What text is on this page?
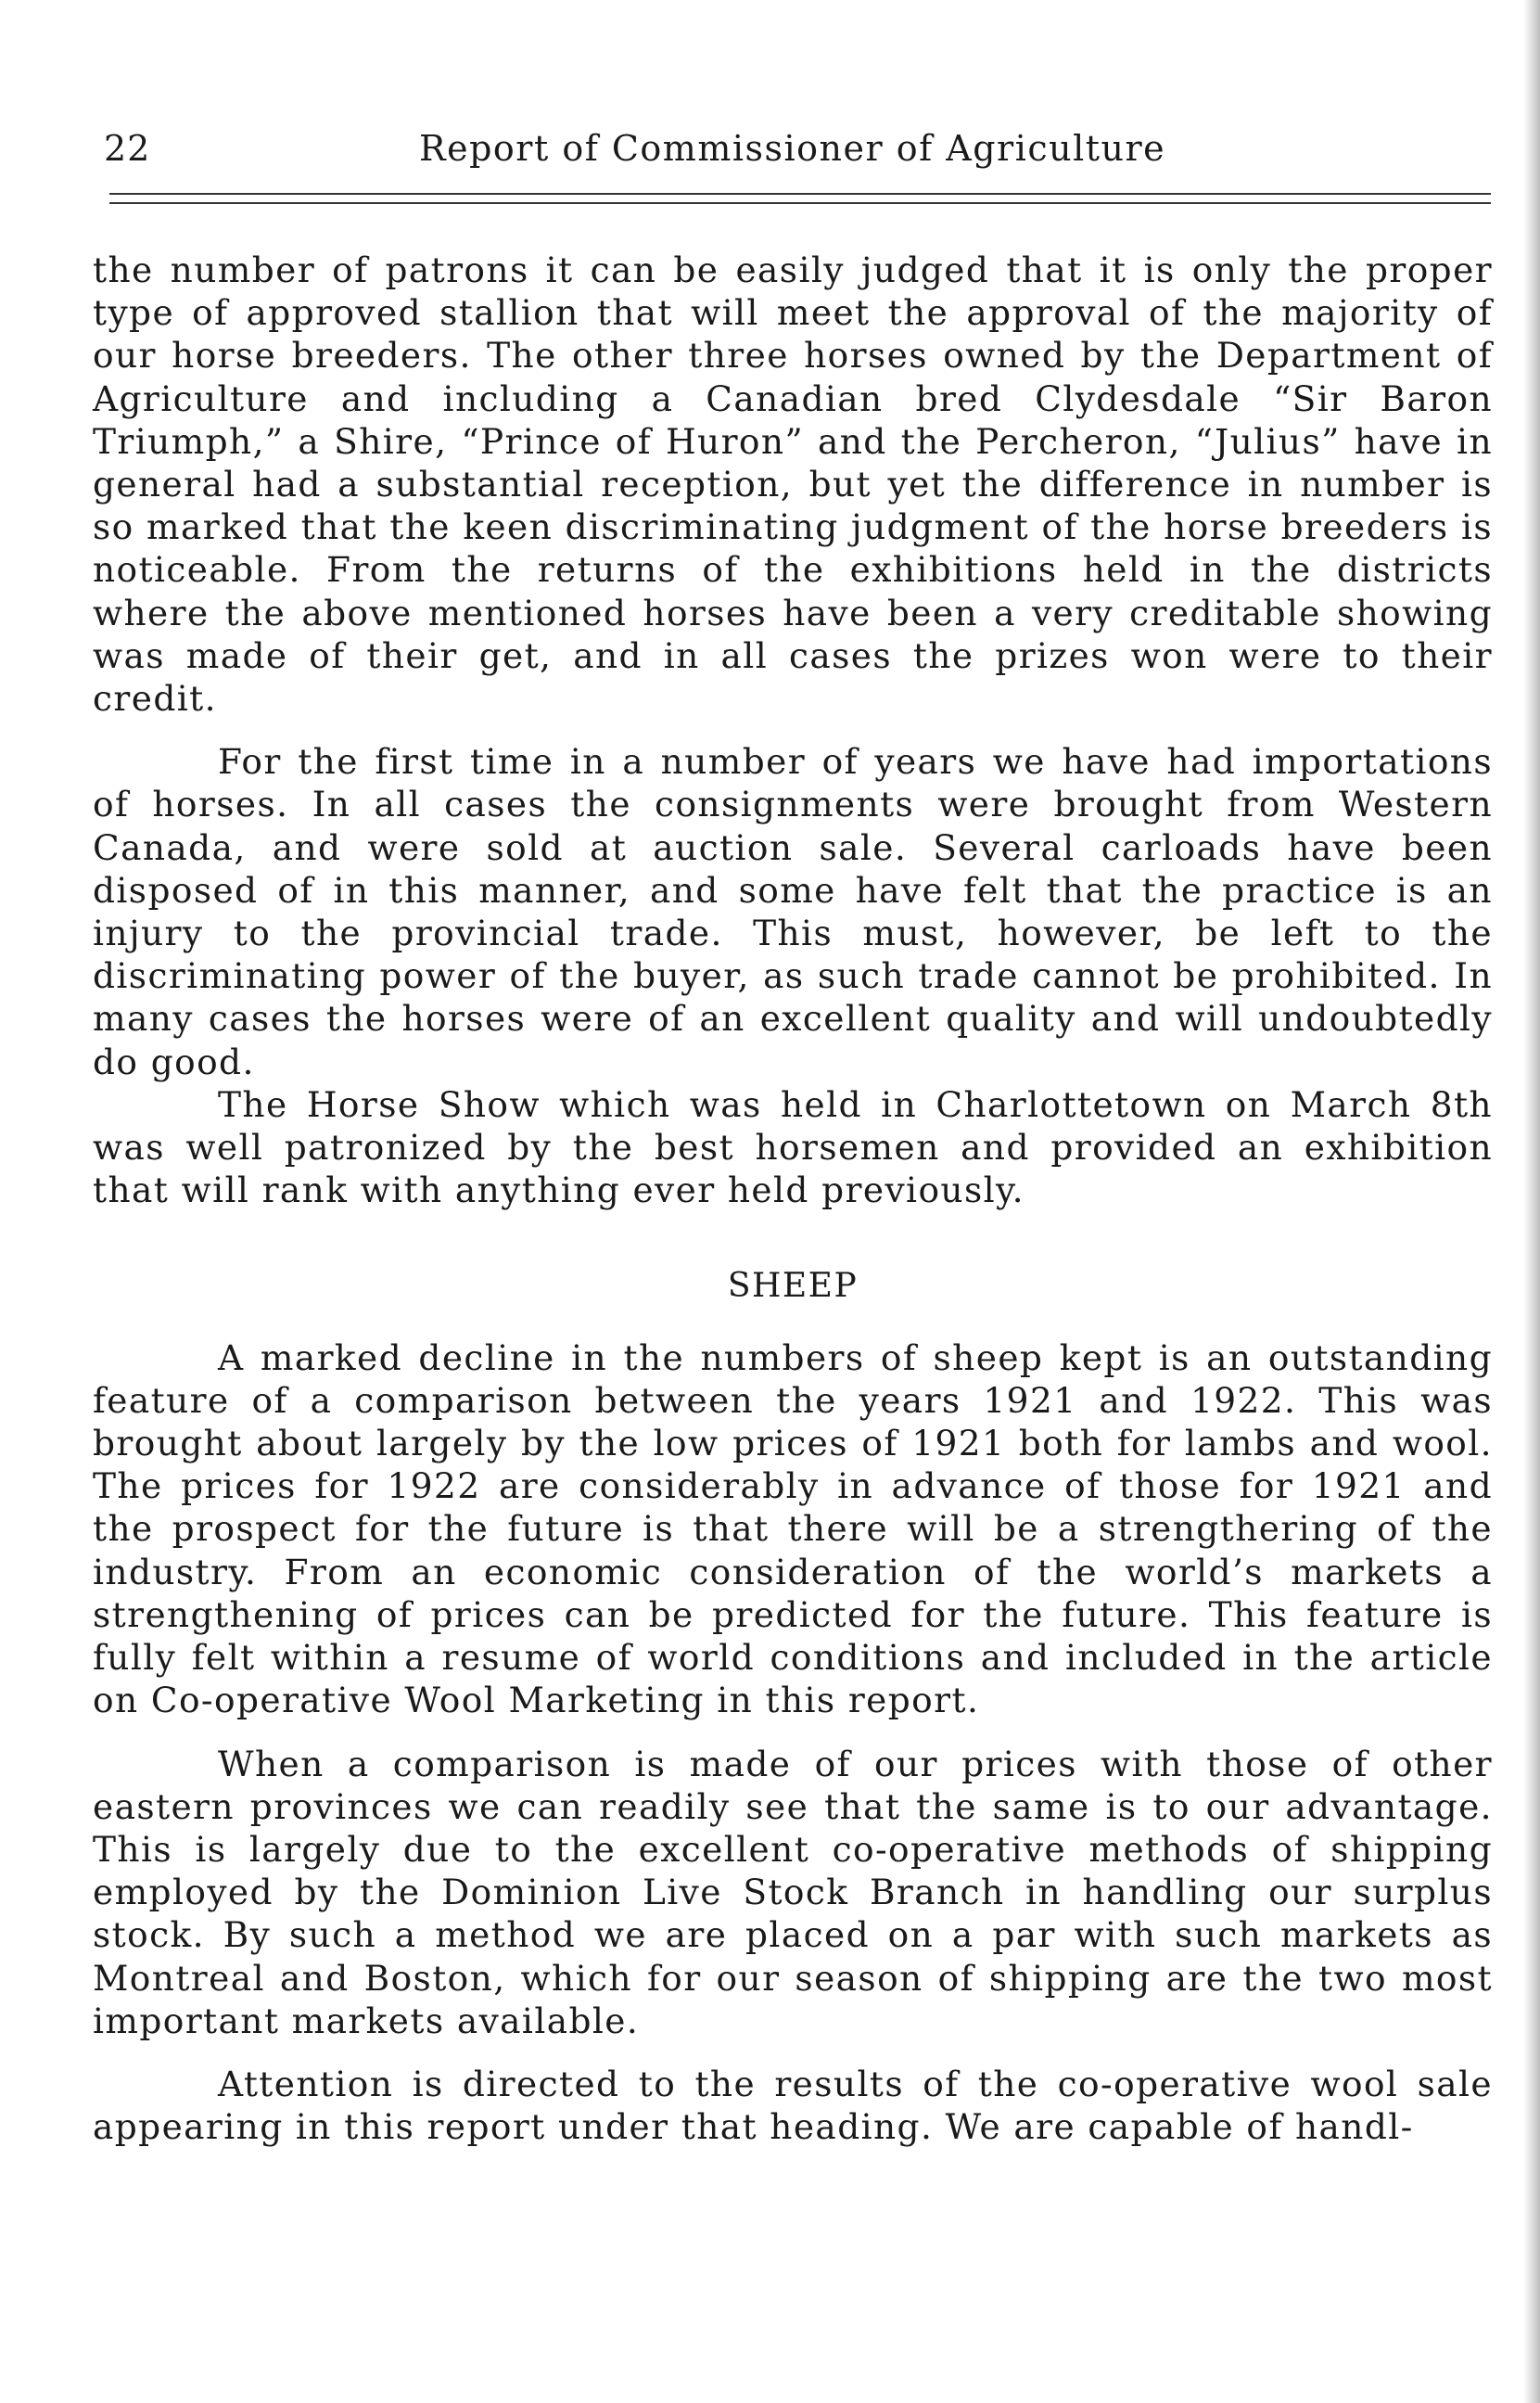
22	Report of Commissioner of Agriculture

the number of patrons it can be easily judged that it is only the proper type of approved stallion that will meet the approval of the majority of our horse breeders. The other three horses owned by the Department of Agriculture and including a Canadian bred Clydesdale “Sir Baron Triumph,” a Shire, “Prince of Huron” and the Percheron, “Julius” have in general had a substantial reception, but yet the difference in number is so marked that the keen discriminating judgment of the horse breeders is noticeable. From the returns of the exhibitions held in the districts where the above mentioned horses have been a very creditable showing was made of their get, and in all cases the prizes won were to their credit.

For the first time in a number of years we have had importations of horses. In all cases the consignments were brought from Western Canada, and were sold at auction sale. Several carloads have been disposed of in this manner, and some have felt that the practice is an injury to the provincial trade. This must, however, be left to the discriminating power of the buyer, as such trade cannot be prohibited. In many cases the horses were of an excellent quality and will undoubtedly do good.

The Horse Show which was held in Charlottetown on March 8th was well patronized by the best horsemen and provided an exhibition that will rank with anything ever held previously.

SHEEP

A marked decline in the numbers of sheep kept is an outstanding feature of a comparison between the years 1921 and 1922. This was brought about largely by the low prices of 1921 both for lambs and wool. The prices for 1922 are considerably in advance of those for 1921 and the prospect for the future is that there will be a strengthering of the industry. From an economic consideration of the world’s markets a strengthening of prices can be predicted for the future. This feature is fully felt within a resume of world conditions and included in the article on Co-operative Wool Marketing in this report.

When a comparison is made of our prices with those of other eastern provinces we can readily see that the same is to our advantage. This is largely due to the excellent co-operative methods of shipping employed by the Dominion Live Stock Branch in handling our surplus stock. By such a method we are placed on a par with such markets as Montreal and Boston, which for our season of shipping are the two most important markets available.

Attention is directed to the results of the co-operative wool sale appearing in this report under that heading. We are capable of handl-
